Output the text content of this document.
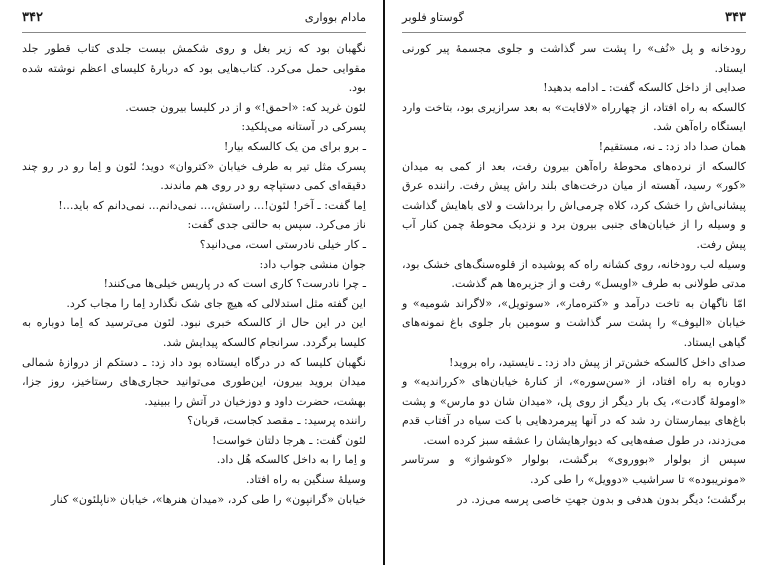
مادام بوواری
۳۴۲

نگهبان بود که زیر بغل و روی شکمش بیست جلدی کتاب قطور جلد مقوایی حمل می‌کرد. کتاب‌هایی بود که دربارهٔ کلیسای اعظم نوشته شده بود.

لئون غرید که: «احمق!» و از در کلیسا بیرون جست.

پسرکی در آستانه می‌پلکید:

ـ برو برای من یک کالسکه بیار!

پسرک مثل تیر به طرف خیابان «کتروان» دوید؛ لئون و اِما رو در رو چند دقیقه‌ای کمی دستپاچه رو در روی هم ماندند.

اِما گفت: ـ آخر! لئون!... راستش،... نمی‌دانم... نمی‌دانم که باید...!

ناز می‌کرد. سپس به حالتی جدی گفت:

ـ کار خیلی نادرستی است، می‌دانید؟

جوان منشی جواب داد:

ـ چرا نادرست؟ کاری است که در پاریس خیلی‌ها می‌کنند!

این گفته مثل استدلالی که هیچ جای شک نگذارد اِما را مجاب کرد.

این در این حال از کالسکه خبری نبود. لئون می‌ترسید که اِما دوباره به کلیسا برگردد. سرانجام کالسکه پیدایش شد.

نگهبان کلیسا که در درگاه ایستاده بود داد زد: ـ دستکم از دروازهٔ شمالی میدان بروید بیرون، این‌طوری می‌توانید حجاری‌های رستاخیز، روز جزا، بهشت، حضرت داود و دوزخیان در آتش را ببینید.

راننده پرسید: ـ مقصد کجاست، قربان؟

لئون گفت: ـ هرجا دلتان خواست!

و اِما را به داخل کالسکه هُل داد.

وسیلهٔ سنگین به راه افتاد.

خیابان «گرانپون» را طی کرد، «میدان هنرها»، خیابان «ناپلئون» کنار

۳۴۳
گوستاو فلوبر

رودخانه و پل «نُف» را پشت سر گذاشت و جلوی مجسمهٔ پیر کورنی ایستاد.

صدایی از داخل کالسکه گفت: ـ ادامه بدهید!

کالسکه به راه افتاد، از چهارراه «لافایت» به بعد سرازیری بود، بتاخت وارد ایستگاه راه‌آهن شد.

همان صدا داد زد: ـ نه، مستقیم!

کالسکه از نرده‌های محوطهٔ راه‌آهن بیرون رفت، بعد از کمی به میدان «کور» رسید، آهسته از میان درخت‌های بلند راش پیش رفت. راننده عرق پیشانی‌اش را خشک کرد، کلاه چرمی‌اش را برداشت و لای باهایش گذاشت و وسیله را از خیابان‌های جنبی بیرون برد و نزدیک محوطهٔ چمن کنار آب پیش رفت.

وسیله لب رودخانه، روی کشانه راه که پوشیده از قلوه‌سنگ‌های خشک بود، مدتی طولانی به طرف «اویسل» رفت و از جزیره‌ها هم گذشت.

امّا ناگهان به تاخت درآمد و «کتره‌مار»، «سوتویل»، «لاگراند شومیه» و خیابان «الیوف» را پشت سر گذاشت و سومین بار جلوی باغ نمونه‌های گیاهی ایستاد.

صدای داخل کالسکه خشن‌تر از پیش داد زد: ـ نایستید، راه بروید!

دوباره به راه افتاد، از «سن‌سوره»، از کنارهٔ خیابان‌های «کرراندیه» و «اومولهٔ گادت»، یک بار دیگر از روی پل، «میدان شان دو مارس» و پشت باغ‌های بیمارستان رد شد که در آنها پیرمردهایی با کت سیاه در آفتاب قدم می‌زدند، در طول صفه‌هایی که دیوارهایشان را عشقه سبز کرده است.

سپس از بولوار «بووروی» برگشت، بولوار «کوشواز» و سرتاسر «مونریبوده» تا سراشیب «دوویل» را طی کرد.

برگشت؛ دیگر بدون هدفی و بدون جهتِ خاصی پرسه می‌زد. در
